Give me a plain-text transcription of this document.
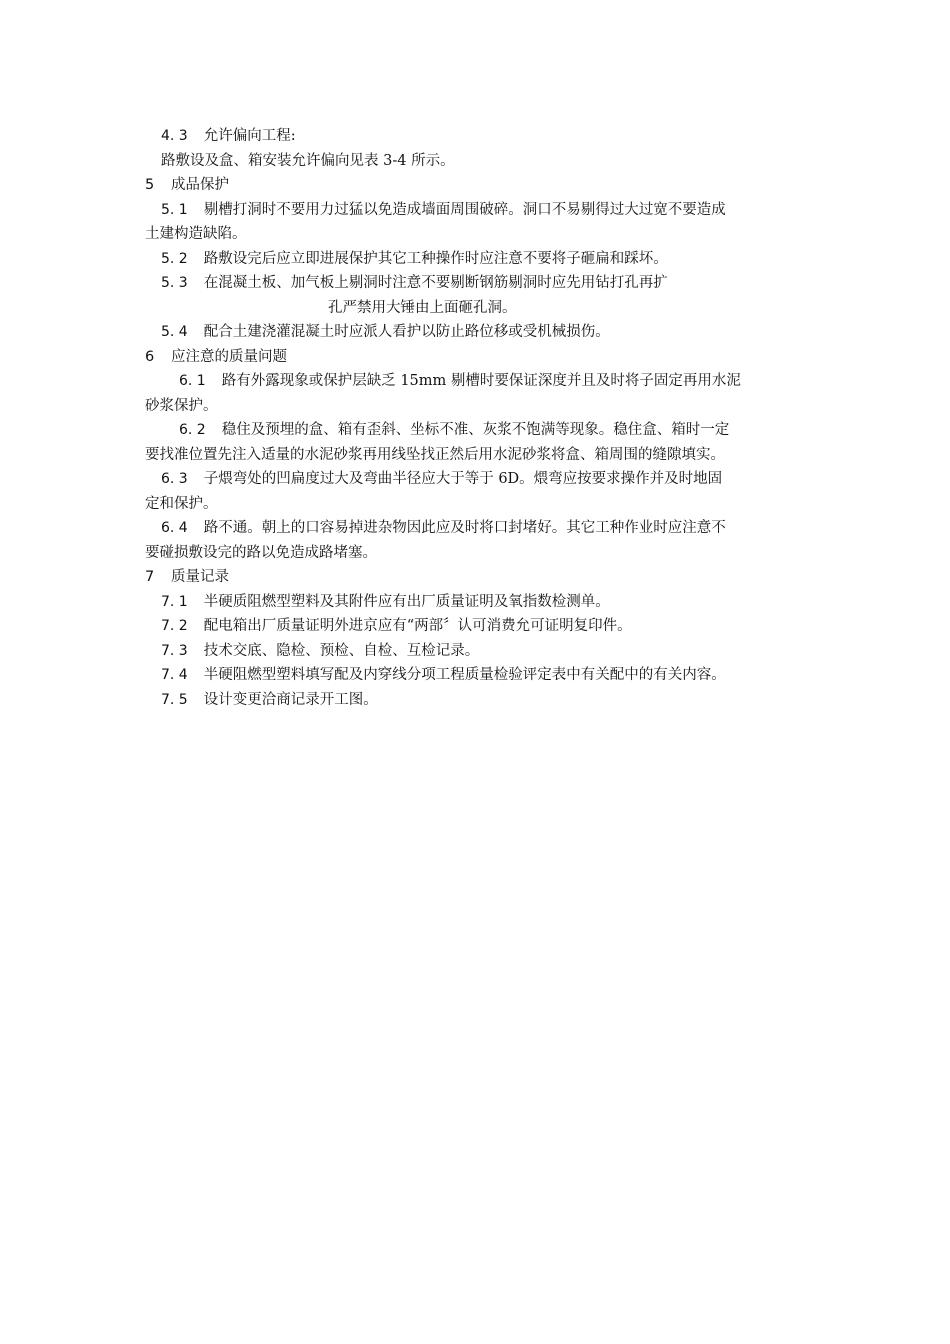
4. 3 允许偏向工程:
路敷设及盒、箱安装允许偏向见表 3-4 所示。
5 成品保护
5. 1 剔槽打洞时不要用力过猛以免造成墙面周围破碎。洞口不易剔得过大过宽不要造成
土建构造缺陷。
5. 2 路敷设完后应立即进展保护其它工种操作时应注意不要将子砸扁和踩坏。
5. 3 在混凝土板、加气板上剔洞时注意不要剔断钢筋剔洞时应先用钻打孔再扩
孔严禁用大锤由上面砸孔洞。
5. 4 配合土建浇灌混凝土时应派人看护以防止路位移或受机械损伤。
6 应注意的质量问题
6. 1 路有外露现象或保护层缺乏 15mm 剔槽时要保证深度并且及时将子固定再用水泥
砂浆保护。
6. 2 稳住及预埋的盒、箱有歪斜、坐标不准、灰浆不饱满等现象。稳住盒、箱时一定
要找准位置先注入适量的水泥砂浆再用线坠找正然后用水泥砂浆将盒、箱周围的缝隙填实。
6. 3 子煨弯处的凹扁度过大及弯曲半径应大于等于 6D。煨弯应按要求操作并及时地固
定和保护。
6. 4 路不通。朝上的口容易掉进杂物因此应及时将口封堵好。其它工种作业时应注意不
要碰损敷设完的路以免造成路堵塞。
7 质量记录
7. 1 半硬质阻燃型塑料及其附件应有出厂质量证明及氧指数检测单。
7. 2 配电箱出厂质量证明外进京应有“两部〞认可消费允可证明复印件。
7. 3 技术交底、隐检、预检、自检、互检记录。
7. 4 半硬阻燃型塑料填写配及内穿线分项工程质量检验评定表中有关配中的有关内容。
7. 5 设计变更洽商记录开工图。
